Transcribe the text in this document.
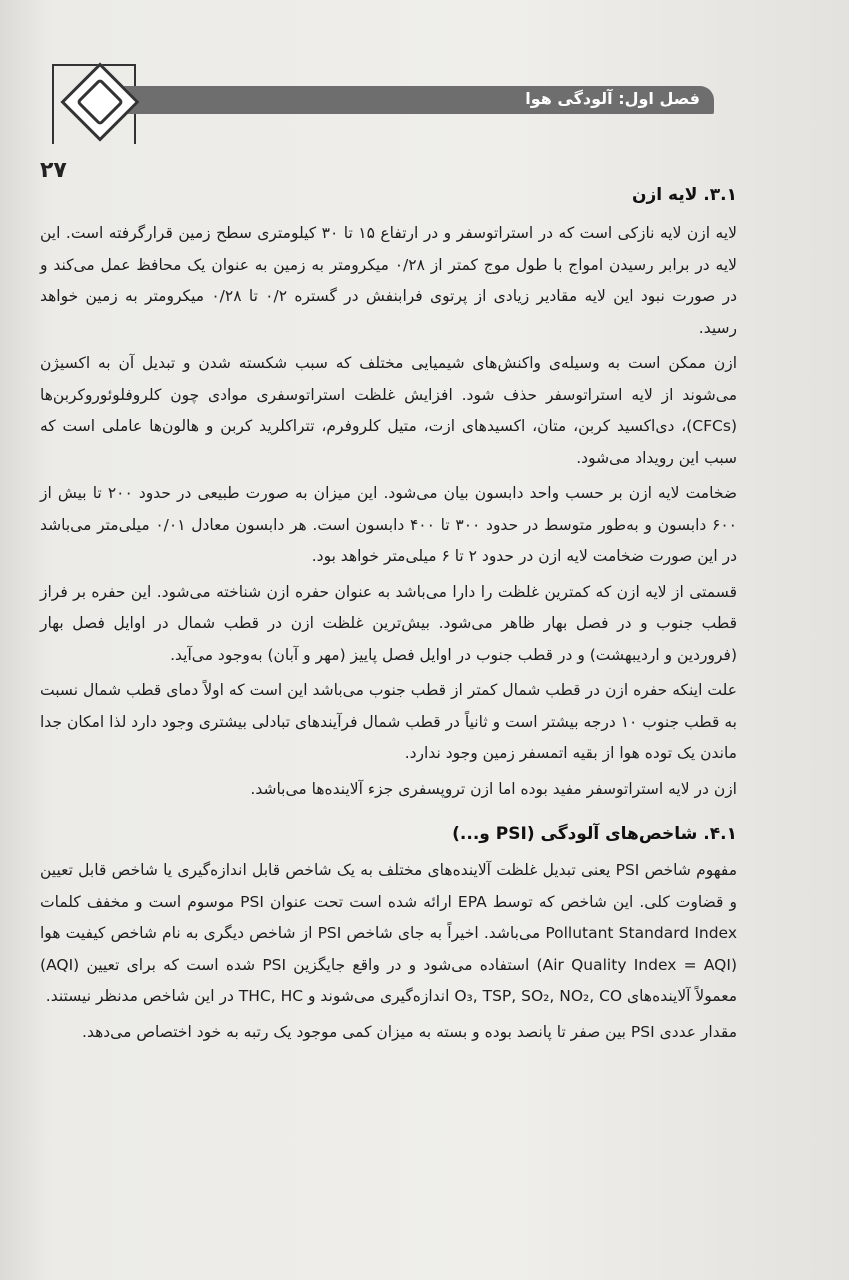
فصل اول: آلودگی هوا
۲۷
۳.۱. لایه ازن

لایه ازن لایه نازکی است که در استراتوسفر و در ارتفاع ۱۵ تا ۳۰ کیلومتری سطح زمین قرارگرفته است. این لایه در برابر رسیدن امواج با طول موج کمتر از ۰/۲۸ میکرومتر به زمین به عنوان یک محافظ عمل می‌کند و در صورت نبود این لایه مقادیر زیادی از پرتوی فرابنفش در گستره ۰/۲ تا ۰/۲۸ میکرومتر به زمین خواهد رسید.

ازن ممکن است به وسیله‌ی واکنش‌های شیمیایی مختلف که سبب شکسته شدن و تبدیل آن به اکسیژن می‌شوند از لایه استراتوسفر حذف شود. افزایش غلظت استراتوسفری موادی چون کلروفلوئوروکربن‌ها (CFCs)، دی‌اکسید کربن، متان، اکسیدهای ازت، متیل کلروفرم، تتراکلرید کربن و هالون‌ها عاملی است که سبب این رویداد می‌شود.

ضخامت لایه ازن بر حسب واحد دابسون بیان می‌شود. این میزان به صورت طبیعی در حدود ۲۰۰ تا بیش از ۶۰۰ دابسون و به‌طور متوسط در حدود ۳۰۰ تا ۴۰۰ دابسون است. هر دابسون معادل ۰/۰۱ میلی‌متر می‌باشد در این صورت ضخامت لایه ازن در حدود ۲ تا ۶ میلی‌متر خواهد بود.

قسمتی از لایه ازن که کمترین غلظت را دارا می‌باشد به عنوان حفره ازن شناخته می‌شود. این حفره بر فراز قطب جنوب و در فصل بهار ظاهر می‌شود. بیش‌ترین غلظت ازن در قطب شمال در اوایل فصل بهار (فروردین و اردیبهشت) و در قطب جنوب در اوایل فصل پاییز (مهر و آبان) به‌وجود می‌آید.

علت اینکه حفره ازن در قطب شمال کمتر از قطب جنوب می‌باشد این است که اولاً دمای قطب شمال نسبت به قطب جنوب ۱۰ درجه بیشتر است و ثانیاً در قطب شمال فرآیندهای تبادلی بیشتری وجود دارد لذا امکان جدا ماندن یک توده هوا از بقیه اتمسفر زمین وجود ندارد.

ازن در لایه استراتوسفر مفید بوده اما ازن تروپسفری جزء آلاینده‌ها می‌باشد.

۴.۱. شاخص‌های آلودگی (PSI و...)

مفهوم شاخص PSI یعنی تبدیل غلظت آلاینده‌های مختلف به یک شاخص قابل اندازه‌گیری یا شاخص قابل تعیین و قضاوت کلی. این شاخص که توسط EPA ارائه شده است تحت عنوان PSI موسوم است و مخفف کلمات Pollutant Standard Index می‌باشد. اخیراً به جای شاخص PSI از شاخص دیگری به نام شاخص کیفیت هوا (Air Quality Index = AQI) استفاده می‌شود و در واقع جایگزین PSI شده است که برای تعیین (AQI) معمولاً آلاینده‌های O₃, TSP, SO₂, NO₂, CO اندازه‌گیری می‌شوند و THC, HC در این شاخص مدنظر نیستند.

مقدار عددی PSI بین صفر تا پانصد بوده و بسته به میزان کمی موجود یک رتبه به خود اختصاص می‌دهد.
